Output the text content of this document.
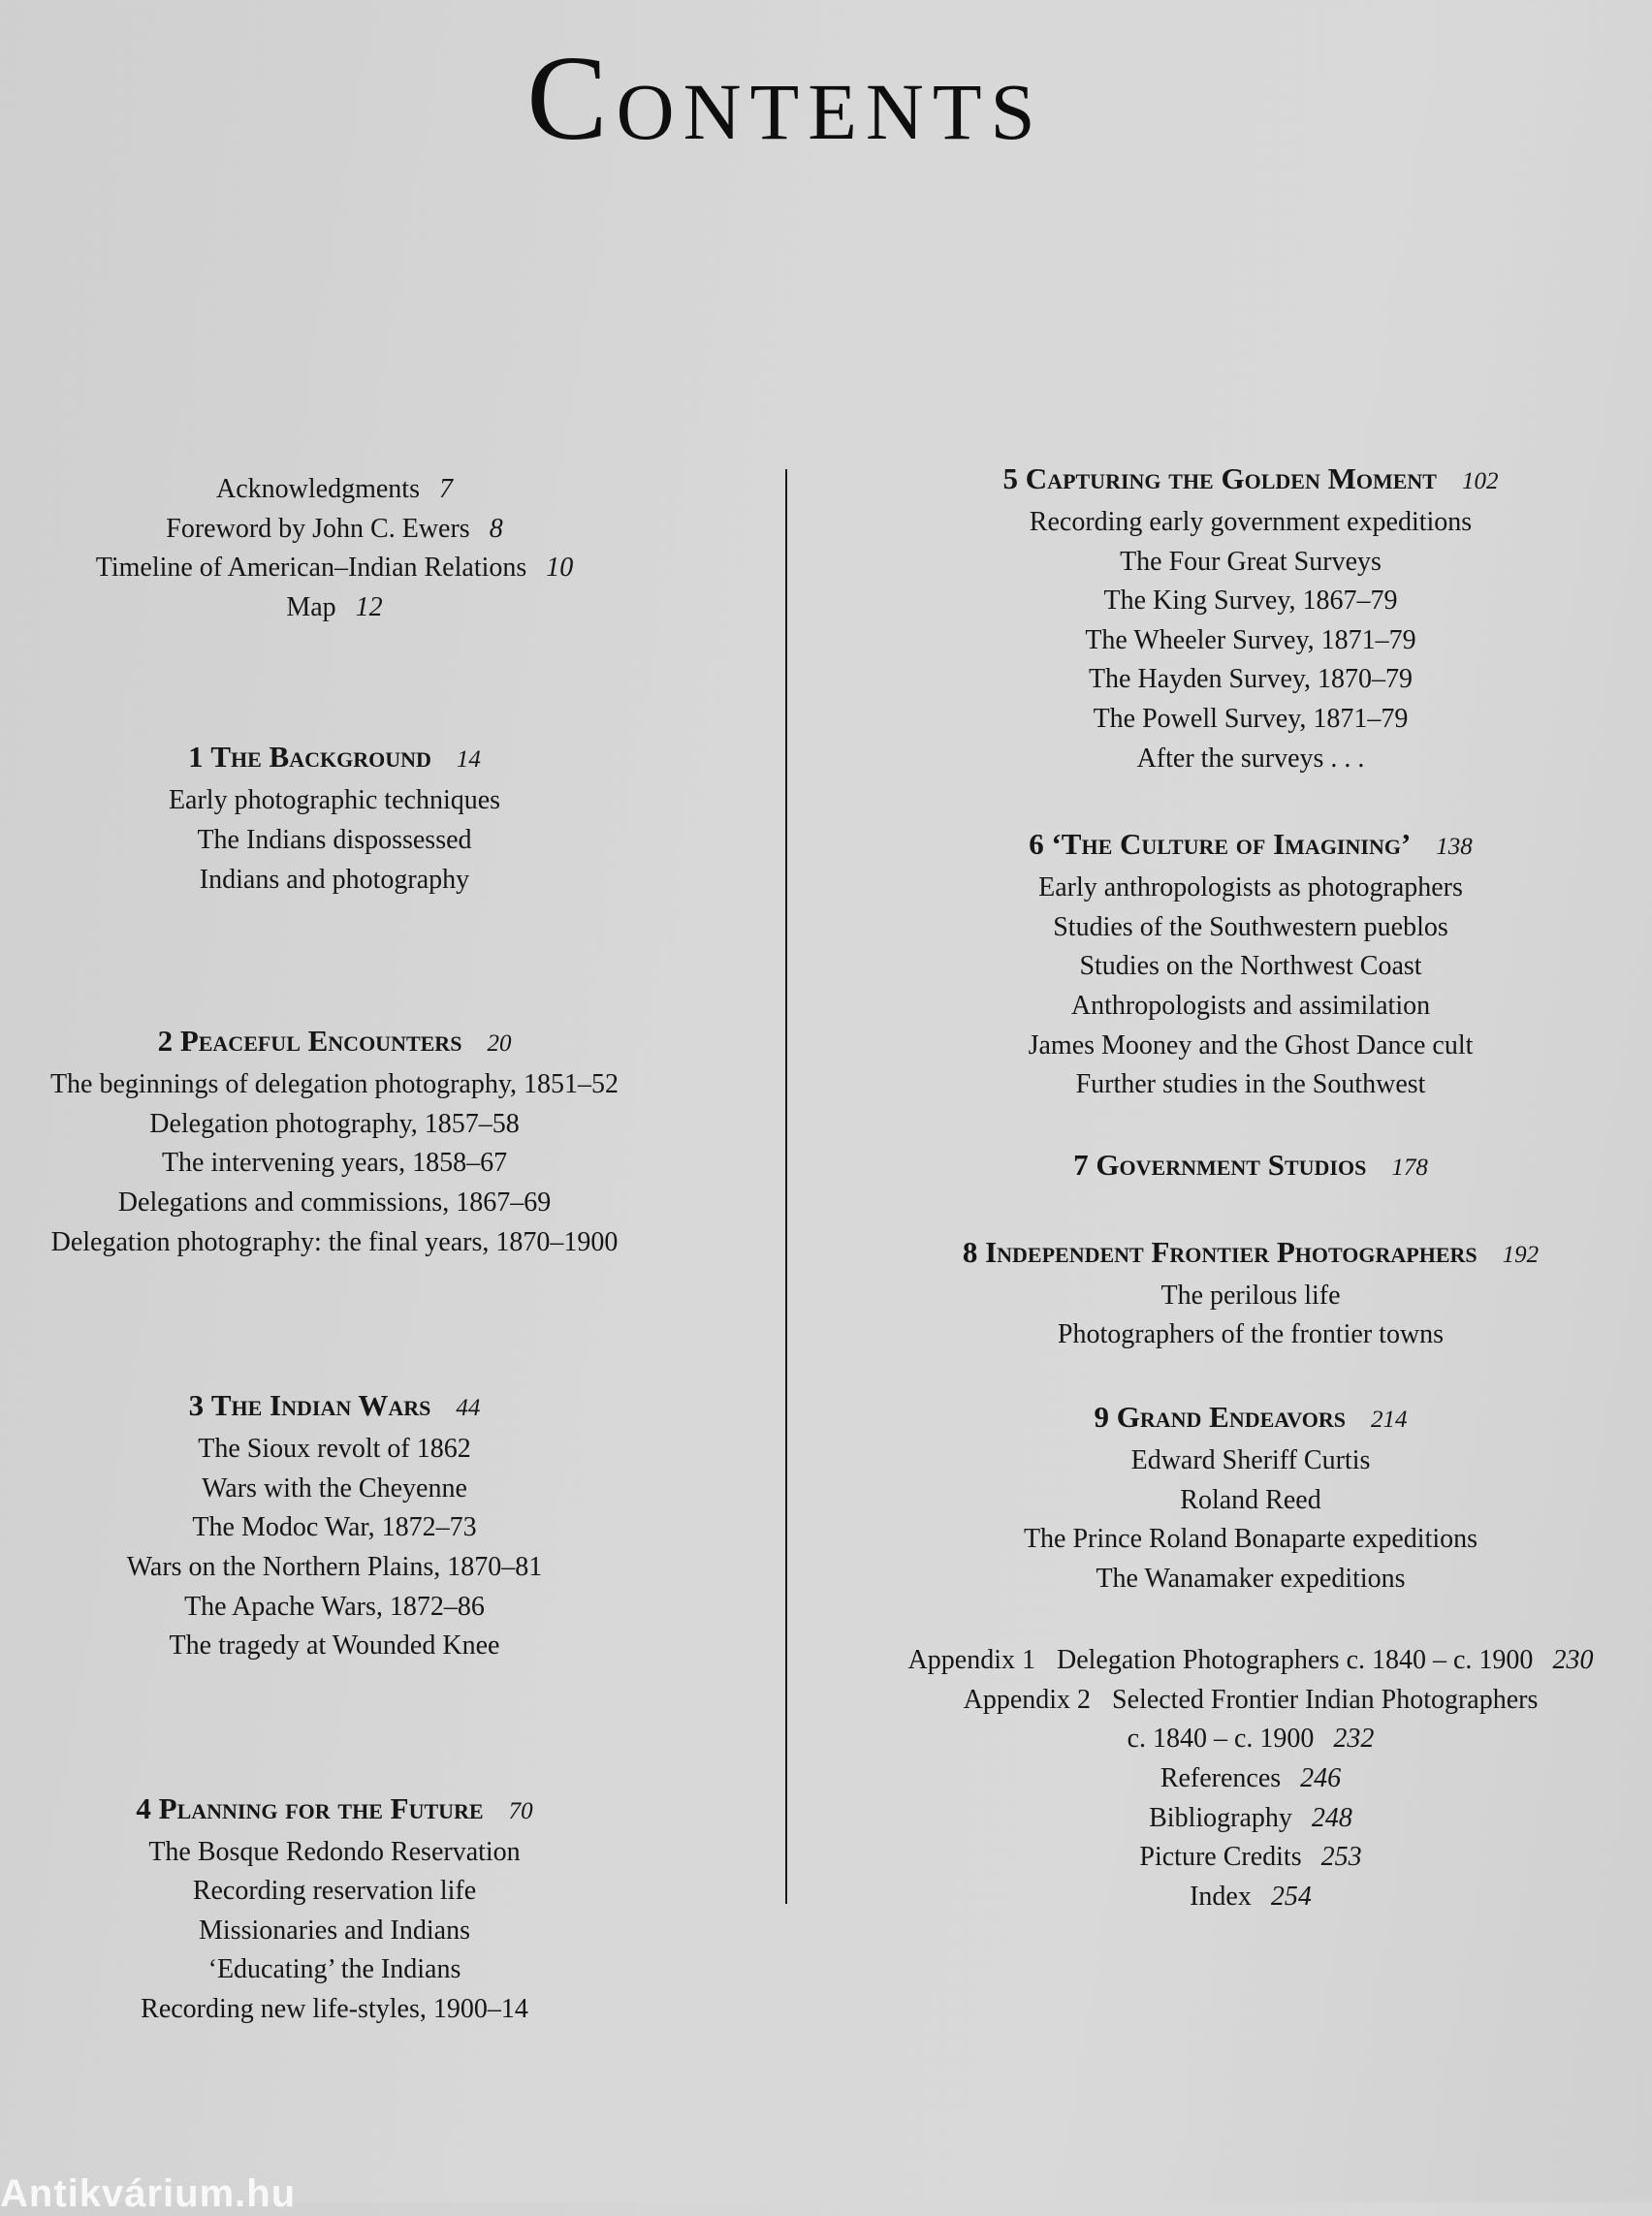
Contents
Acknowledgments 7
Foreword by John C. Ewers 8
Timeline of American–Indian Relations 10
Map 12
1 The Background 14
Early photographic techniques
The Indians dispossessed
Indians and photography
2 Peaceful Encounters 20
The beginnings of delegation photography, 1851–52
Delegation photography, 1857–58
The intervening years, 1858–67
Delegations and commissions, 1867–69
Delegation photography: the final years, 1870–1900
3 The Indian Wars 44
The Sioux revolt of 1862
Wars with the Cheyenne
The Modoc War, 1872–73
Wars on the Northern Plains, 1870–81
The Apache Wars, 1872–86
The tragedy at Wounded Knee
4 Planning for the Future 70
The Bosque Redondo Reservation
Recording reservation life
Missionaries and Indians
‘Educating’ the Indians
Recording new life-styles, 1900–14
5 Capturing the Golden Moment 102
Recording early government expeditions
The Four Great Surveys
The King Survey, 1867–79
The Wheeler Survey, 1871–79
The Hayden Survey, 1870–79
The Powell Survey, 1871–79
After the surveys . . .
6 ‘The Culture of Imagining’ 138
Early anthropologists as photographers
Studies of the Southwestern pueblos
Studies on the Northwest Coast
Anthropologists and assimilation
James Mooney and the Ghost Dance cult
Further studies in the Southwest
7 Government Studios 178
8 Independent Frontier Photographers 192
The perilous life
Photographers of the frontier towns
9 Grand Endeavors 214
Edward Sheriff Curtis
Roland Reed
The Prince Roland Bonaparte expeditions
The Wanamaker expeditions
Appendix 1 Delegation Photographers c. 1840 – c. 1900 230
Appendix 2 Selected Frontier Indian Photographers
c. 1840 – c. 1900 232
References 246
Bibliography 248
Picture Credits 253
Index 254
Antikvárium.hu
